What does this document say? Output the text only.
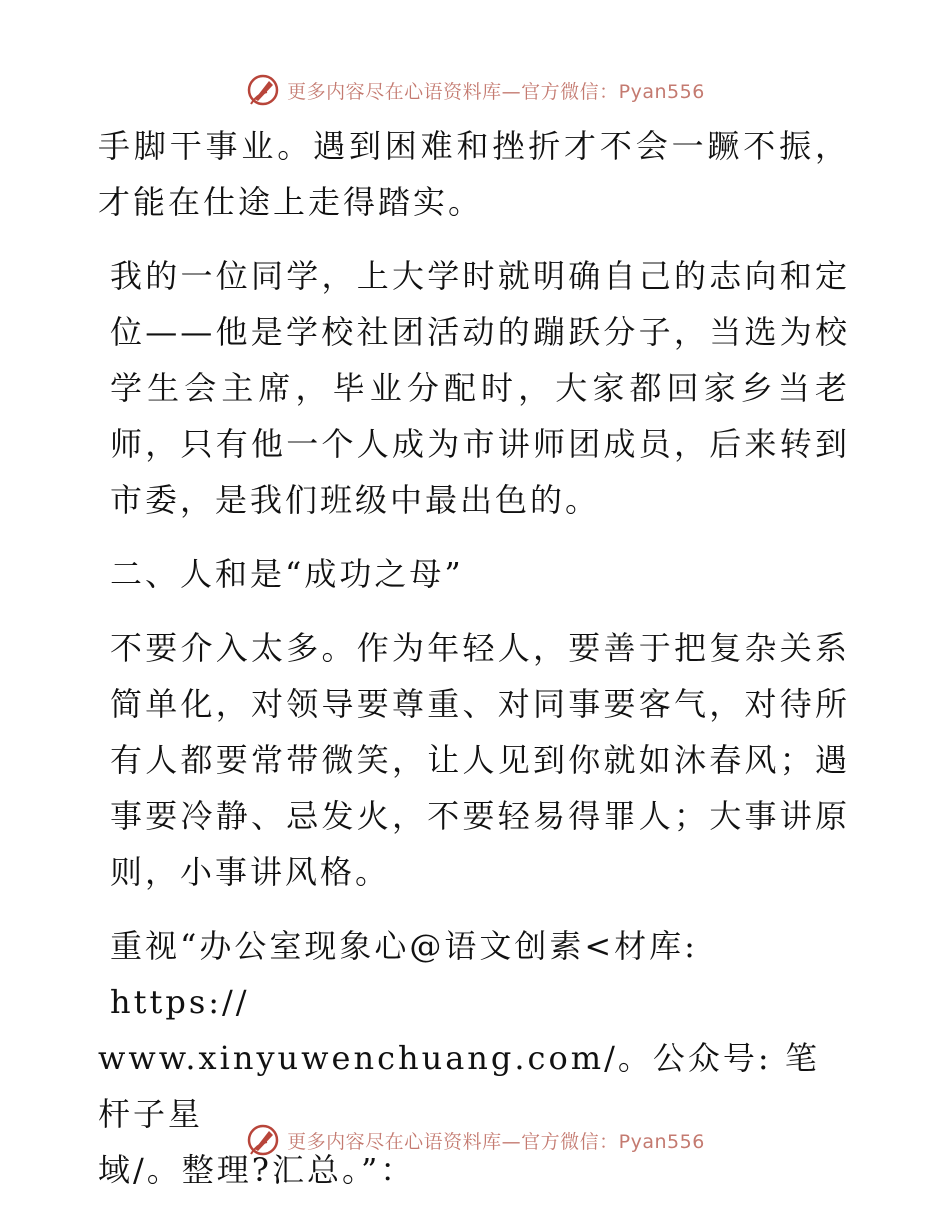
更多内容尽在心语资料库—官方微信：Pyan556

手脚干事业。遇到困难和挫折才不会一蹶不振，才能在仕途上走得踏实。

我的一位同学，上大学时就明确自己的志向和定位——他是学校社团活动的蹦跃分子，当选为校学生会主席，毕业分配时，大家都回家乡当老师，只有他一个人成为市讲师团成员，后来转到市委，是我们班级中最出色的。

二、人和是“成功之母”

不要介入太多。作为年轻人，要善于把复杂关系简单化，对领导要尊重、对同事要客气，对待所有人都要常带微笑，让人见到你就如沐春风；遇事要冷静、忌发火，不要轻易得罪人；大事讲原则，小事讲风格。

重视“办公室现象心@语文创素<材库: https://
www.xinyuwenchuang.com/。公众号: 笔杆子星
域/。整理?汇总。”：

更多内容尽在心语资料库—官方微信：Pyan556
